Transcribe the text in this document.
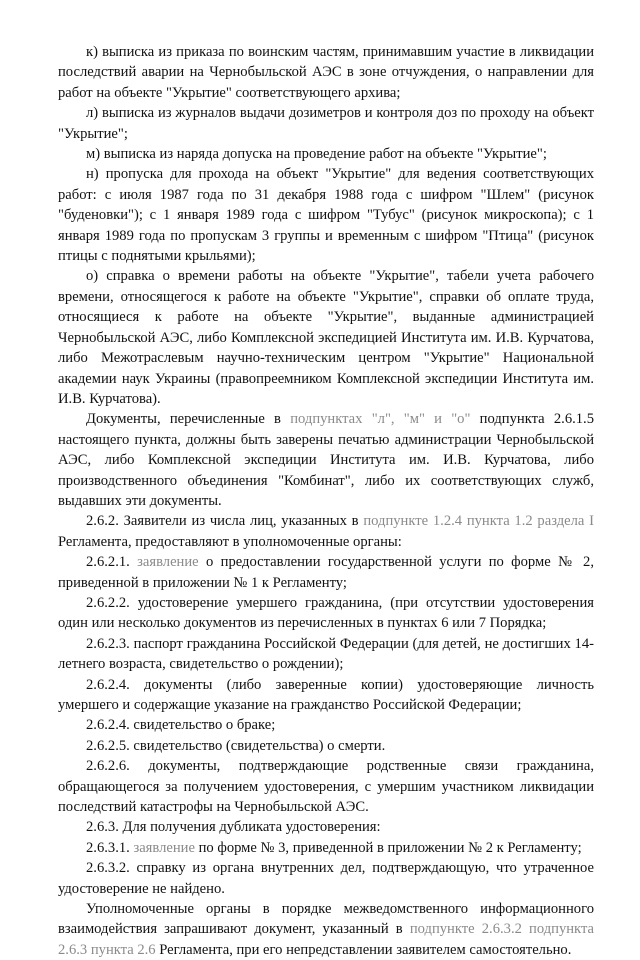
к) выписка из приказа по воинским частям, принимавшим участие в ликвидации последствий аварии на Чернобыльской АЭС в зоне отчуждения, о направлении для работ на объекте "Укрытие" соответствующего архива;

л) выписка из журналов выдачи дозиметров и контроля доз по проходу на объект "Укрытие";

м) выписка из наряда допуска на проведение работ на объекте "Укрытие";

н) пропуска для прохода на объект "Укрытие" для ведения соответствующих работ: с июля 1987 года по 31 декабря 1988 года с шифром "Шлем" (рисунок "буденовки"); с 1 января 1989 года с шифром "Тубус" (рисунок микроскопа); с 1 января 1989 года по пропускам 3 группы и временным с шифром "Птица" (рисунок птицы с поднятыми крыльями);

о) справка о времени работы на объекте "Укрытие", табели учета рабочего времени, относящегося к работе на объекте "Укрытие", справки об оплате труда, относящиеся к работе на объекте "Укрытие", выданные администрацией Чернобыльской АЭС, либо Комплексной экспедицией Института им. И.В. Курчатова, либо Межотраслевым научно-техническим центром "Укрытие" Национальной академии наук Украины (правопреемником Комплексной экспедиции Института им. И.В. Курчатова).

Документы, перечисленные в подпунктах "л", "м" и "о" подпункта 2.6.1.5 настоящего пункта, должны быть заверены печатью администрации Чернобыльской АЭС, либо Комплексной экспедиции Института им. И.В. Курчатова, либо производственного объединения "Комбинат", либо их соответствующих служб, выдавших эти документы.

2.6.2. Заявители из числа лиц, указанных в подпункте 1.2.4 пункта 1.2 раздела I Регламента, предоставляют в уполномоченные органы:

2.6.2.1. заявление о предоставлении государственной услуги по форме № 2, приведенной в приложении № 1 к Регламенту;

2.6.2.2. удостоверение умершего гражданина, (при отсутствии удостоверения один или несколько документов из перечисленных в пунктах 6 или 7 Порядка;

2.6.2.3. паспорт гражданина Российской Федерации (для детей, не достигших 14-летнего возраста, свидетельство о рождении);

2.6.2.4. документы (либо заверенные копии) удостоверяющие личность умершего и содержащие указание на гражданство Российской Федерации;

2.6.2.4. свидетельство о браке;

2.6.2.5. свидетельство (свидетельства) о смерти.

2.6.2.6. документы, подтверждающие родственные связи гражданина, обращающегося за получением удостоверения, с умершим участником ликвидации последствий катастрофы на Чернобыльской АЭС.

2.6.3. Для получения дубликата удостоверения:

2.6.3.1. заявление по форме № 3, приведенной в приложении № 2 к Регламенту;

2.6.3.2. справку из органа внутренних дел, подтверждающую, что утраченное удостоверение не найдено.

Уполномоченные органы в порядке межведомственного информационного взаимодействия запрашивают документ, указанный в подпункте 2.6.3.2 подпункта 2.6.3 пункта 2.6 Регламента, при его непредставлении заявителем самостоятельно.
